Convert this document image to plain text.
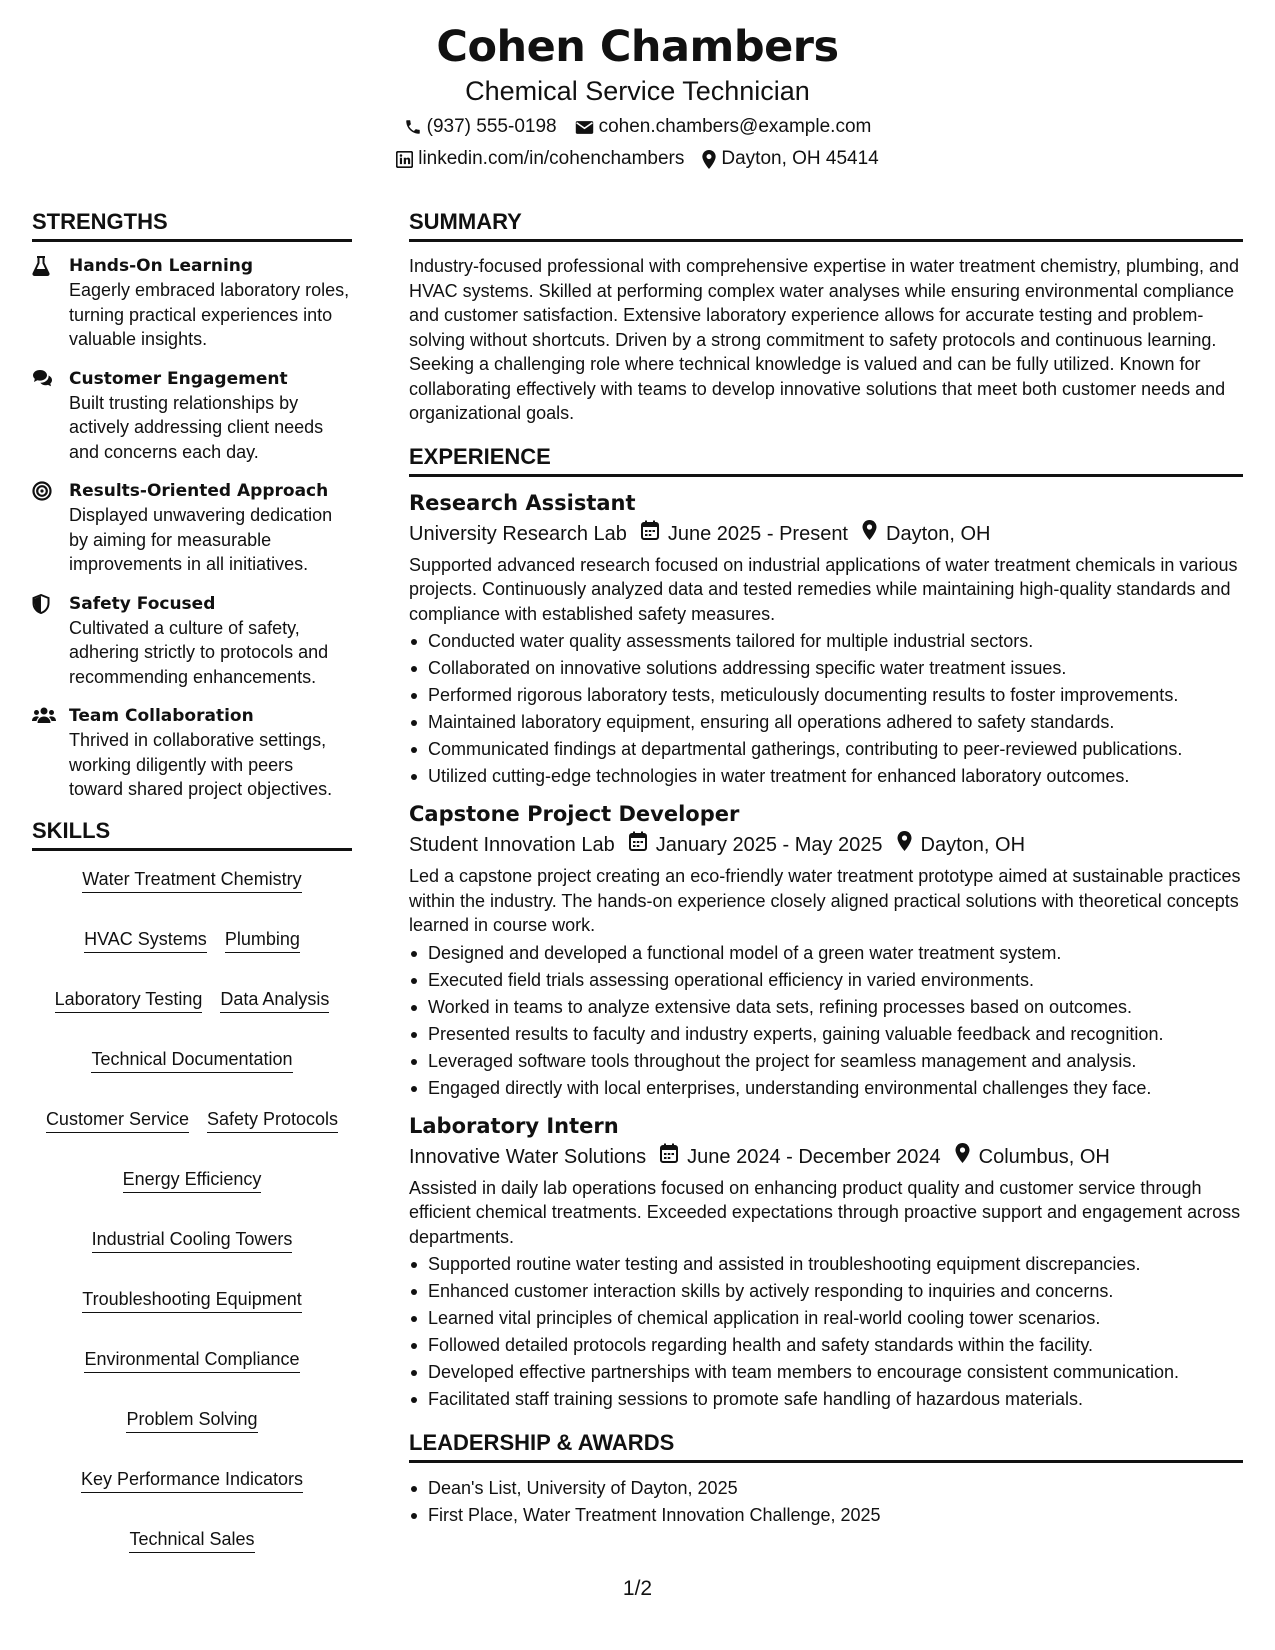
Cohen Chambers
Chemical Service Technician
(937) 555-0198 cohen.chambers@example.com
linkedin.com/in/cohenchambers Dayton, OH 45414
STRENGTHS
Hands-On Learning
Eagerly embraced laboratory roles, turning practical experiences into valuable insights.
Customer Engagement
Built trusting relationships by actively addressing client needs and concerns each day.
Results-Oriented Approach
Displayed unwavering dedication by aiming for measurable improvements in all initiatives.
Safety Focused
Cultivated a culture of safety, adhering strictly to protocols and recommending enhancements.
Team Collaboration
Thrived in collaborative settings, working diligently with peers toward shared project objectives.
SKILLS
Water Treatment Chemistry
HVAC Systems Plumbing
Laboratory Testing Data Analysis
Technical Documentation
Customer Service Safety Protocols
Energy Efficiency
Industrial Cooling Towers
Troubleshooting Equipment
Environmental Compliance
Problem Solving
Key Performance Indicators
Technical Sales
SUMMARY
Industry-focused professional with comprehensive expertise in water treatment chemistry, plumbing, and HVAC systems. Skilled at performing complex water analyses while ensuring environmental compliance and customer satisfaction. Extensive laboratory experience allows for accurate testing and problem-solving without shortcuts. Driven by a strong commitment to safety protocols and continuous learning. Seeking a challenging role where technical knowledge is valued and can be fully utilized. Known for collaborating effectively with teams to develop innovative solutions that meet both customer needs and organizational goals.
EXPERIENCE
Research Assistant
University Research Lab June 2025 - Present Dayton, OH
Supported advanced research focused on industrial applications of water treatment chemicals in various projects. Continuously analyzed data and tested remedies while maintaining high-quality standards and compliance with established safety measures.
Conducted water quality assessments tailored for multiple industrial sectors.
Collaborated on innovative solutions addressing specific water treatment issues.
Performed rigorous laboratory tests, meticulously documenting results to foster improvements.
Maintained laboratory equipment, ensuring all operations adhered to safety standards.
Communicated findings at departmental gatherings, contributing to peer-reviewed publications.
Utilized cutting-edge technologies in water treatment for enhanced laboratory outcomes.
Capstone Project Developer
Student Innovation Lab January 2025 - May 2025 Dayton, OH
Led a capstone project creating an eco-friendly water treatment prototype aimed at sustainable practices within the industry. The hands-on experience closely aligned practical solutions with theoretical concepts learned in course work.
Designed and developed a functional model of a green water treatment system.
Executed field trials assessing operational efficiency in varied environments.
Worked in teams to analyze extensive data sets, refining processes based on outcomes.
Presented results to faculty and industry experts, gaining valuable feedback and recognition.
Leveraged software tools throughout the project for seamless management and analysis.
Engaged directly with local enterprises, understanding environmental challenges they face.
Laboratory Intern
Innovative Water Solutions June 2024 - December 2024 Columbus, OH
Assisted in daily lab operations focused on enhancing product quality and customer service through efficient chemical treatments. Exceeded expectations through proactive support and engagement across departments.
Supported routine water testing and assisted in troubleshooting equipment discrepancies.
Enhanced customer interaction skills by actively responding to inquiries and concerns.
Learned vital principles of chemical application in real-world cooling tower scenarios.
Followed detailed protocols regarding health and safety standards within the facility.
Developed effective partnerships with team members to encourage consistent communication.
Facilitated staff training sessions to promote safe handling of hazardous materials.
LEADERSHIP & AWARDS
Dean's List, University of Dayton, 2025
First Place, Water Treatment Innovation Challenge, 2025
1/2
